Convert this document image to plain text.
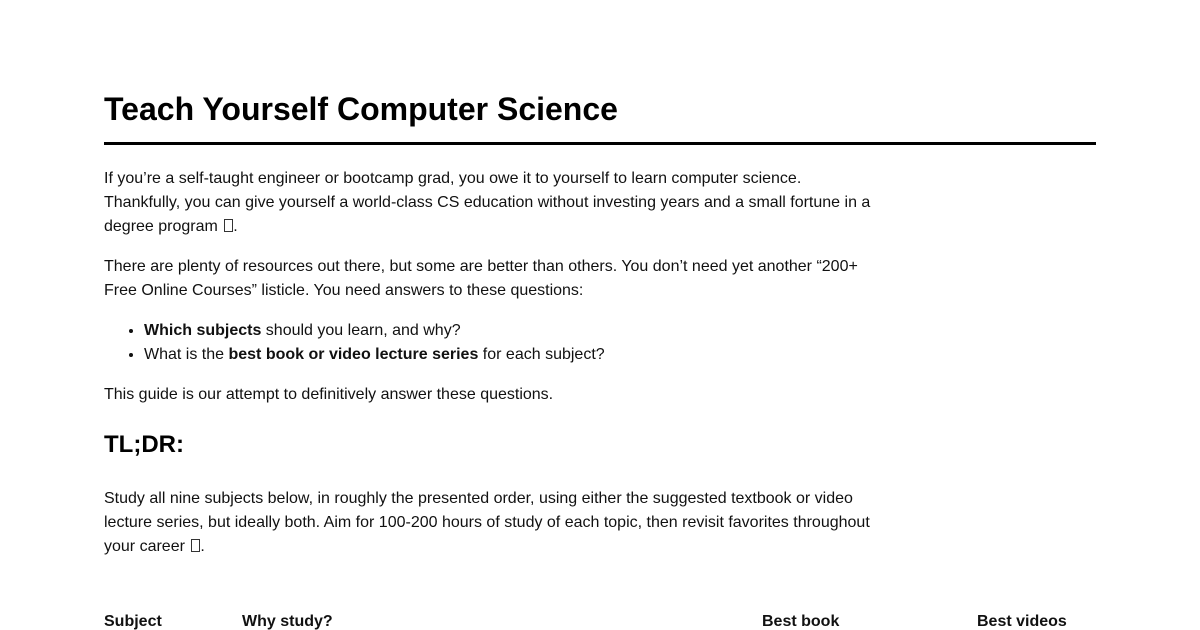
Teach Yourself Computer Science

If you’re a self-taught engineer or bootcamp grad, you owe it to yourself to learn computer science. Thankfully, you can give yourself a world-class CS education without investing years and a small fortune in a degree program .

There are plenty of resources out there, but some are better than others. You don’t need yet another “200+ Free Online Courses” listicle. You need answers to these questions:

• Which subjects should you learn, and why?
• What is the best book or video lecture series for each subject?

This guide is our attempt to definitively answer these questions.

TL;DR:

Study all nine subjects below, in roughly the presented order, using either the suggested textbook or video lecture series, but ideally both. Aim for 100-200 hours of study of each topic, then revisit favorites throughout your career .

Subject	Why study?	Best book	Best videos
